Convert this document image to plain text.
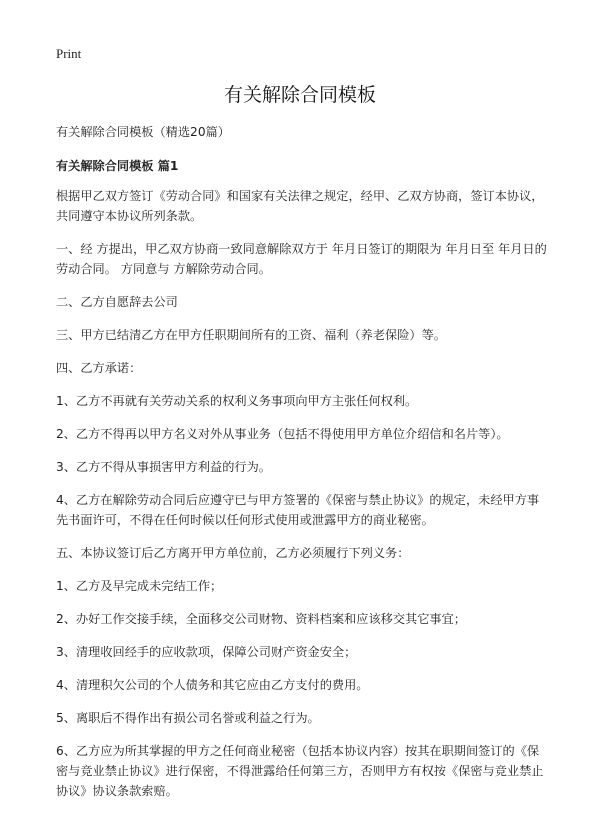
Print
有关解除合同模板

有关解除合同模板（精选20篇）

有关解除合同模板 篇1

根据甲乙双方签订《劳动合同》和国家有关法律之规定，经甲、乙双方协商，签订本协议，共同遵守本协议所列条款。

一、经 方提出，甲乙双方协商一致同意解除双方于 年月日签订的期限为 年月日至 年月日的劳动合同。 方同意与 方解除劳动合同。

二、乙方自愿辞去公司

三、甲方已结清乙方在甲方任职期间所有的工资、福利（养老保险）等。

四、乙方承诺：

1、乙方不再就有关劳动关系的权利义务事项向甲方主张任何权利。

2、乙方不得再以甲方名义对外从事业务（包括不得使用甲方单位介绍信和名片等）。

3、乙方不得从事损害甲方利益的行为。

4、乙方在解除劳动合同后应遵守已与甲方签署的《保密与禁止协议》的规定，未经甲方事先书面许可，不得在任何时候以任何形式使用或泄露甲方的商业秘密。

五、本协议签订后乙方离开甲方单位前，乙方必须履行下列义务：

1、乙方及早完成未完结工作；

2、办好工作交接手续，全面移交公司财物、资料档案和应该移交其它事宜；

3、清理收回经手的应收款项，保障公司财产资金安全；

4、清理积欠公司的个人债务和其它应由乙方支付的费用。

5、离职后不得作出有损公司名誉或利益之行为。

6、乙方应为所其掌握的甲方之任何商业秘密（包括本协议内容）按其在职期间签订的《保密与竞业禁止协议》进行保密，不得泄露给任何第三方，否则甲方有权按《保密与竞业禁止协议》协议条款索赔。
